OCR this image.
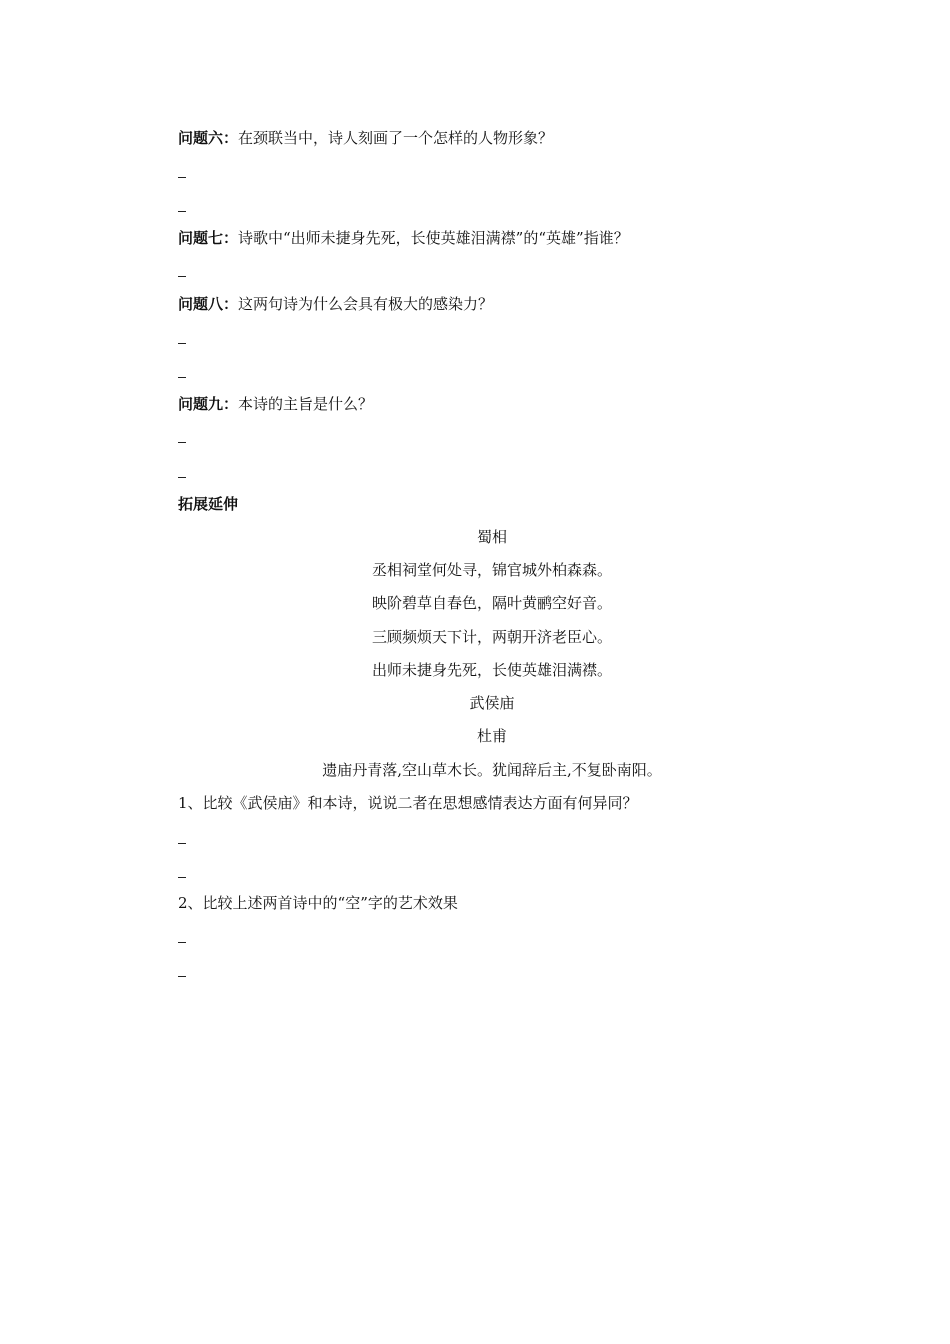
问题六：在颈联当中，诗人刻画了一个怎样的人物形象？
问题七：诗歌中“出师未捷身先死，长使英雄泪满襟”的“英雄”指谁？
问题八：这两句诗为什么会具有极大的感染力？
问题九：本诗的主旨是什么？
拓展延伸
蜀相
丞相祠堂何处寻，锦官城外柏森森。
映阶碧草自春色，隔叶黄鹂空好音。
三顾频烦天下计，两朝开济老臣心。
出师未捷身先死，长使英雄泪满襟。
武侯庙
杜甫
遗庙丹青落,空山草木长。犹闻辞后主,不复卧南阳。
1、比较《武侯庙》和本诗，说说二者在思想感情表达方面有何异同？
2、比较上述两首诗中的“空”字的艺术效果
